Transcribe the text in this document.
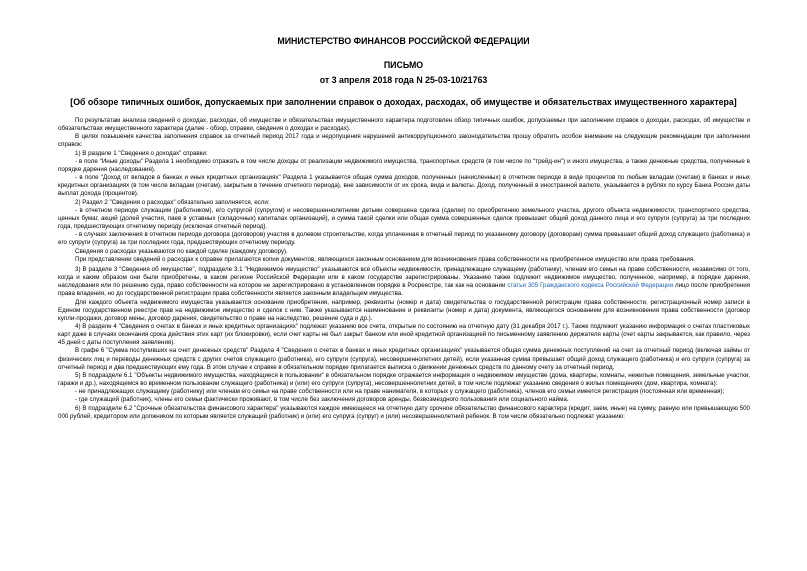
МИНИСТЕРСТВО ФИНАНСОВ РОССИЙСКОЙ ФЕДЕРАЦИИ
ПИСЬМО
от 3 апреля 2018 года N 25-03-10/21763
[Об обзоре типичных ошибок, допускаемых при заполнении справок о доходах, расходах, об имуществе и обязательствах имущественного характера]

По результатам анализа сведений о доходах, расходах, об имуществе и обязательствах имущественного характера подготовлен обзор типичных ошибок, допускаемых при заполнении справок о доходах, расходах, об имуществе и обязательствах имущественного характера (далее - обзор, справки, сведения о доходах и расходах).

В целях повышения качества заполнения справок за отчетный период 2017 года и недопущения нарушений антикоррупционного законодательства прошу обратить особое внимание на следующие рекомендации при заполнении справок:

1) В разделе 1 "Сведения о доходах" справки:

- в поле "Иные доходы" Раздела 1 необходимо отражать в том числе доходы от реализации недвижимого имущества, транспортных средств (в том числе по "трейд-ин") и иного имущества, а также денежные средства, полученные в порядке дарения (наследования).

- в поле "Доход от вкладов в банках и иных кредитных организациях" Раздела 1 указывается общая сумма доходов, полученных (начисленных) в отчетном периоде в виде процентов по любым вкладам (счетам) в банках и иных кредитных организациях (в том числе вкладам (счетам), закрытым в течение отчетного периода), вне зависимости от их срока, вида и валюты. Доход, полученный в иностранной валюте, указывается в рублях по курсу Банка России даты выплат дохода (процентов).

2) Раздел 2 "Сведения о расходах" обязательно заполняется, если:

- в отчетном периоде служащим (работником), его супругой (супругом) и несовершеннолетними детьми совершена сделка (сделки) по приобретению земельного участка, другого объекта недвижимости, транспортного средства, ценных бумаг, акций (долей участия, паев в уставных (складочных) капиталах организаций), и сумма такой сделки или общая сумма совершенных сделок превышает общий доход данного лица и его супруги (супруга) за три последних года, предшествующих отчетному периоду (исключая отчетный период).

- в случаях заключения в отчетном периоде договора (договоров) участия в долевом строительстве, когда уплаченная в отчетный период по указанному договору (договорам) сумма превышает общий доход служащего (работника) и его супруги (супруга) за три последних года, предшествующих отчетному периоду.

Сведения о расходах указываются по каждой сделке (каждому договору).

При представлении сведений о расходах к справке прилагаются копии документов, являющихся законным основанием для возникновения права собственности на приобретенное имущество или права требования.

3) В разделе 3 "Сведения об имуществе", подразделе 3.1 "Недвижимое имущество" указываются все объекты недвижимости, принадлежащие служащему (работнику), членам его семьи на праве собственности, независимо от того, когда и каким образом они были приобретены, в каком регионе Российской Федерации или в каком государстве зарегистрированы. Указанию также подлежит недвижимое имущество, полученное, например, в порядке дарения, наследования или по решению суда, право собственности на которое не зарегистрировано в установленном порядке в Росреестре, так как на основании статьи 305 Гражданского кодекса Российской Федерации лицо после приобретения права владения, но до государственной регистрации права собственности является законным владельцем имущества.

Для каждого объекта недвижимого имущества указывается основание приобретения, например, реквизиты (номер и дата) свидетельства о государственной регистрации права собственности, регистрационный номер записи в Едином государственном реестре прав на недвижимое имущество и сделок с ним. Также указываются наименование и реквизиты (номер и дата) документа, являющегося основанием для возникновения права собственности (договор купли-продажи, договор мены, договор дарения, свидетельство о праве на наследство, решение суда и др.).

4) В разделе 4 "Сведения о счетах в банках и иных кредитных организациях" подлежат указанию все счета, открытые по состоянию на отчетную дату (31 декабря 2017 г.). Также подлежит указанию информация о счетах пластиковых карт даже в случаях окончания срока действия этих карт (их блокировки), если счет карты не был закрыт банком или иной кредитной организацией по письменному заявлению держателя карты (счет карты закрывается, как правило, через 45 дней с даты поступления заявления).

В графе 6 "Сумма поступивших на счет денежных средств" Раздела 4 "Сведения о счетах в банках и иных кредитных организациях" указывается общая сумма денежных поступлений на счет за отчетный период (включая займы от физических лиц и переводы денежных средств с других счетов служащего (работника), его супруги (супруга), несовершеннолетних детей), если указанная сумма превышает общий доход служащего (работника) и его супруги (супруга) за отчетный период и два предшествующих ему года. В этом случае к справке в обязательном порядке прилагается выписка о движении денежных средств по данному счету за отчетный период.

5) В подразделе 6.1 "Объекты недвижимого имущества, находящиеся в пользовании" в обязательном порядке отражается информация о недвижимом имуществе (дома, квартиры, комнаты, нежилые помещения, земельные участки, гаражи и др.), находящемся во временном пользовании служащего (работника) и (или) его супруги (супруга), несовершеннолетних детей, в том числе подлежат указанию сведения о жилых помещениях (дом, квартира, комната):

- не принадлежащих служащему (работнику) или членам его семьи на праве собственности или на праве нанимателя, в которых у служащего (работника), членов его семьи имеется регистрация (постоянная или временная);

- где служащий (работник), члены его семьи фактически проживают, в том числе без заключения договоров аренды, безвозмездного пользования или социального найма.

6) В подразделе 6.2 "Срочные обязательства финансового характера" указываются каждое имеющееся на отчетную дату срочное обязательство финансового характера (кредит, заем, иные) на сумму, равную или превышающую 500 000 рублей, кредитором или должником по которым является служащий (работник) и (или) его супруга (супруг) и (или) несовершеннолетний ребенок. В том числе обязательно подлежат указанию:
